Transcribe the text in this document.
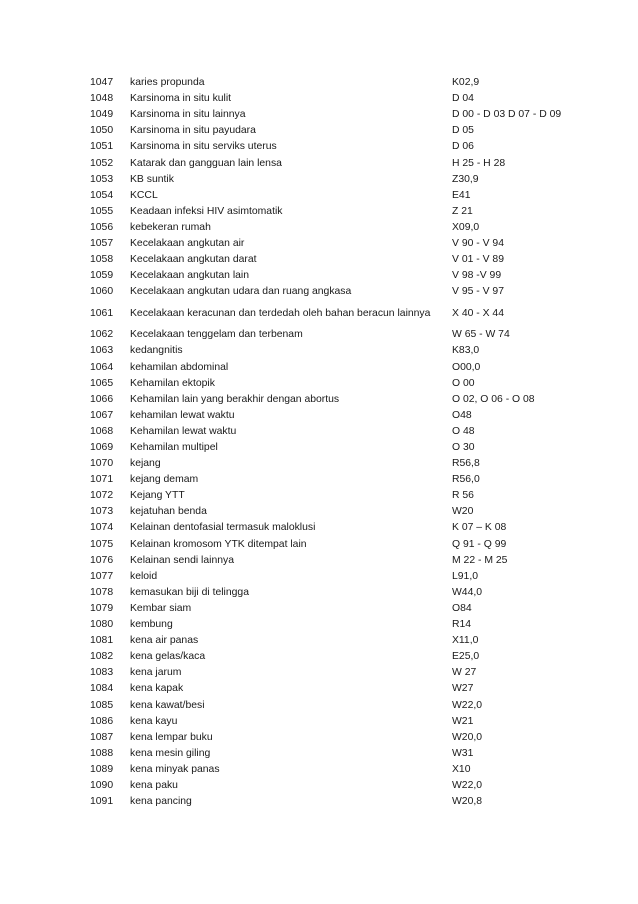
1047	karies propunda	K02,9
1048	Karsinoma in situ kulit	D 04
1049	Karsinoma in situ lainnya	D 00 - D 03 D 07 - D 09
1050	Karsinoma in situ payudara	D 05
1051	Karsinoma in situ serviks uterus	D 06
1052	Katarak dan gangguan lain lensa	H 25 - H 28
1053	KB suntik	Z30,9
1054	KCCL	E41
1055	Keadaan infeksi HIV asimtomatik	Z 21
1056	kebekeran rumah	X09,0
1057	Kecelakaan angkutan air	V 90 - V 94
1058	Kecelakaan angkutan darat	V 01 - V 89
1059	Kecelakaan angkutan lain	V 98 -V 99
1060	Kecelakaan angkutan udara dan ruang angkasa	V 95 - V 97
1061	Kecelakaan keracunan dan terdedah oleh bahan beracun lainnya	X 40 - X 44
1062	Kecelakaan tenggelam dan terbenam	W 65 - W 74
1063	kedangnitis	K83,0
1064	kehamilan abdominal	O00,0
1065	Kehamilan ektopik	O 00
1066	Kehamilan lain yang berakhir dengan abortus	O 02, O 06 - O 08
1067	kehamilan lewat waktu	O48
1068	Kehamilan lewat waktu	O 48
1069	Kehamilan multipel	O 30
1070	kejang	R56,8
1071	kejang demam	R56,0
1072	Kejang YTT	R 56
1073	kejatuhan benda	W20
1074	Kelainan dentofasial termasuk maloklusi	K 07 – K 08
1075	Kelainan kromosom YTK ditempat lain	Q 91 - Q 99
1076	Kelainan sendi lainnya	M 22 - M 25
1077	keloid	L91,0
1078	kemasukan biji di telingga	W44,0
1079	Kembar siam	O84
1080	kembung	R14
1081	kena air panas	X11,0
1082	kena gelas/kaca	E25,0
1083	kena jarum	W 27
1084	kena kapak	W27
1085	kena kawat/besi	W22,0
1086	kena kayu	W21
1087	kena lempar buku	W20,0
1088	kena mesin giling	W31
1089	kena minyak panas	X10
1090	kena paku	W22,0
1091	kena pancing	W20,8
